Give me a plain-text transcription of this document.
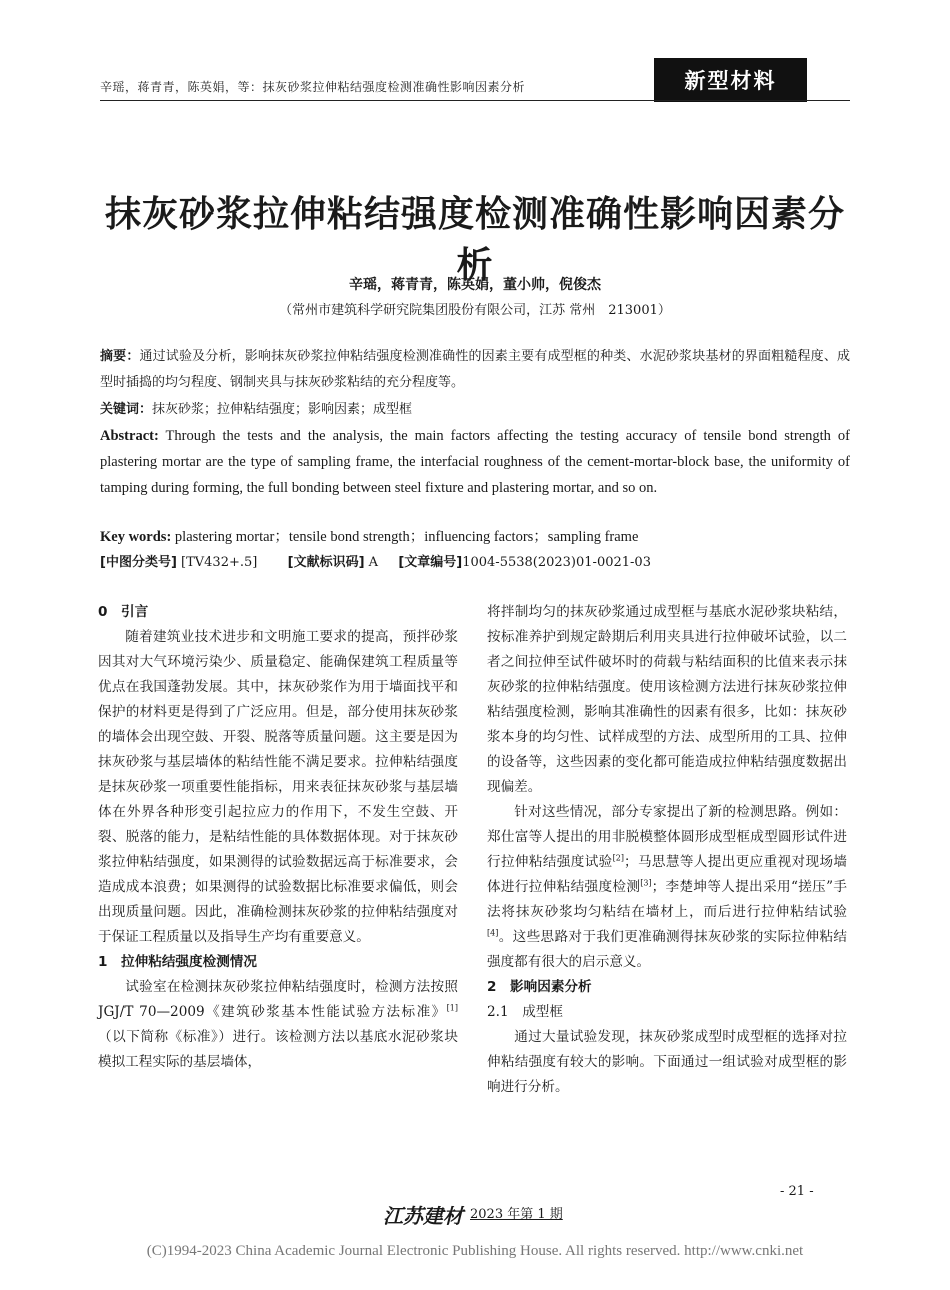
辛瑶，蒋青青，陈英娟，等：抹灰砂浆拉伸粘结强度检测准确性影响因素分析	新型材料
抹灰砂浆拉伸粘结强度检测准确性影响因素分析
辛瑶，蒋青青，陈英娟，董小帅，倪俊杰
（常州市建筑科学研究院集团股份有限公司，江苏 常州　213001）
摘要：通过试验及分析，影响抹灰砂浆拉伸粘结强度检测准确性的因素主要有成型框的种类、水泥砂浆块基材的界面粗糙程度、成型时插捣的均匀程度、钢制夹具与抹灰砂浆粘结的充分程度等。
关键词：抹灰砂浆；拉伸粘结强度；影响因素；成型框
Abstract: Through the tests and the analysis, the main factors affecting the testing accuracy of tensile bond strength of plastering mortar are the type of sampling frame, the interfacial roughness of the cement-mortar-block base, the uniformity of tamping during forming, the full bonding between steel fixture and plastering mortar, and so on.
Key words: plastering mortar；tensile bond strength；influencing factors；sampling frame
[中图分类号] [TV432+.5] [文献标识码] A [文章编号]1004-5538(2023)01-0021-03

0　引言

随着建筑业技术进步和文明施工要求的提高，预拌砂浆因其对大气环境污染少、质量稳定、能确保建筑工程质量等优点在我国蓬勃发展。其中，抹灰砂浆作为用于墙面找平和保护的材料更是得到了广泛应用。但是，部分使用抹灰砂浆的墙体会出现空鼓、开裂、脱落等质量问题。这主要是因为抹灰砂浆与基层墙体的粘结性能不满足要求。拉伸粘结强度是抹灰砂浆一项重要性能指标，用来表征抹灰砂浆与基层墙体在外界各种形变引起拉应力的作用下，不发生空鼓、开裂、脱落的能力，是粘结性能的具体数据体现。对于抹灰砂浆拉伸粘结强度，如果测得的试验数据远高于标准要求，会造成成本浪费；如果测得的试验数据比标准要求偏低，则会出现质量问题。因此，准确检测抹灰砂浆的拉伸粘结强度对于保证工程质量以及指导生产均有重要意义。

1　拉伸粘结强度检测情况

试验室在检测抹灰砂浆拉伸粘结强度时，检测方法按照 JGJ/T 70—2009《建筑砂浆基本性能试验方法标准》[1]（以下简称《标准》）进行。该检测方法以基底水泥砂浆块模拟工程实际的基层墙体，

将拌制均匀的抹灰砂浆通过成型框与基底水泥砂浆块粘结，按标准养护到规定龄期后利用夹具进行拉伸破坏试验，以二者之间拉伸至试件破坏时的荷载与粘结面积的比值来表示抹灰砂浆的拉伸粘结强度。使用该检测方法进行抹灰砂浆拉伸粘结强度检测，影响其准确性的因素有很多，比如：抹灰砂浆本身的均匀性、试样成型的方法、成型所用的工具、拉伸的设备等，这些因素的变化都可能造成拉伸粘结强度数据出现偏差。

针对这些情况，部分专家提出了新的检测思路。例如：郑仕富等人提出的用非脱模整体圆形成型框成型圆形试件进行拉伸粘结强度试验[2]；马思慧等人提出更应重视对现场墙体进行拉伸粘结强度检测[3]；李楚坤等人提出采用“搓压”手法将抹灰砂浆均匀粘结在墙材上，而后进行拉伸粘结试验[4]。这些思路对于我们更准确测得抹灰砂浆的实际拉伸粘结强度都有很大的启示意义。

2　影响因素分析

2.1　成型框

通过大量试验发现，抹灰砂浆成型时成型框的选择对拉伸粘结强度有较大的影响。下面通过一组试验对成型框的影响进行分析。

- 21 -
江苏建材 2023 年第 1 期
(C)1994-2023 China Academic Journal Electronic Publishing House. All rights reserved. http://www.cnki.net
